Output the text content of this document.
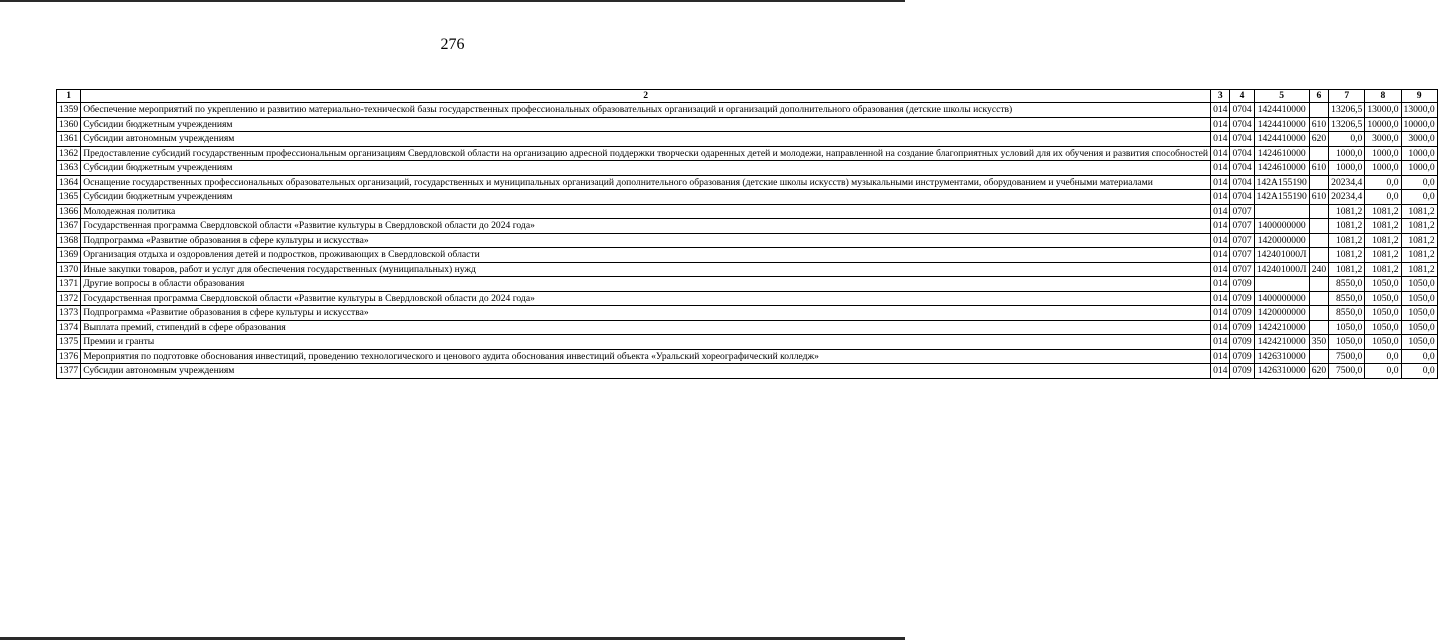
276
1	2	3	4	5	6	7	8	9
1359	Обеспечение мероприятий по укреплению и развитию материально-технической базы государственных профессиональных образовательных организаций и организаций дополнительного образования (детские школы искусств)	014	0704	1424410000		13206,5	13000,0	13000,0
1360	Субсидии бюджетным учреждениям	014	0704	1424410000	610	13206,5	10000,0	10000,0
1361	Субсидии автономным учреждениям	014	0704	1424410000	620	0,0	3000,0	3000,0
1362	Предоставление субсидий государственным профессиональным организациям Свердловской области на организацию адресной поддержки творчески одаренных детей и молодежи, направленной на создание благоприятных условий для их обучения и развития способностей	014	0704	1424610000		1000,0	1000,0	1000,0
1363	Субсидии бюджетным учреждениям	014	0704	1424610000	610	1000,0	1000,0	1000,0
1364	Оснащение государственных профессиональных образовательных организаций, государственных и муниципальных организаций дополнительного образования (детские школы искусств) музыкальными инструментами, оборудованием и учебными материалами	014	0704	142A155190		20234,4	0,0	0,0
1365	Субсидии бюджетным учреждениям	014	0704	142A155190	610	20234,4	0,0	0,0
1366	Молодежная политика	014	0707			1081,2	1081,2	1081,2
1367	Государственная программа Свердловской области «Развитие культуры в Свердловской области до 2024 года»	014	0707	1400000000		1081,2	1081,2	1081,2
1368	Подпрограмма «Развитие образования в сфере культуры и искусства»	014	0707	1420000000		1081,2	1081,2	1081,2
1369	Организация отдыха и оздоровления детей и подростков, проживающих в Свердловской области	014	0707	142401000Л		1081,2	1081,2	1081,2
1370	Иные закупки товаров, работ и услуг для обеспечения государственных (муниципальных) нужд	014	0707	142401000Л	240	1081,2	1081,2	1081,2
1371	Другие вопросы в области образования	014	0709			8550,0	1050,0	1050,0
1372	Государственная программа Свердловской области «Развитие культуры в Свердловской области до 2024 года»	014	0709	1400000000		8550,0	1050,0	1050,0
1373	Подпрограмма «Развитие образования в сфере культуры и искусства»	014	0709	1420000000		8550,0	1050,0	1050,0
1374	Выплата премий, стипендий в сфере образования	014	0709	1424210000		1050,0	1050,0	1050,0
1375	Премии и гранты	014	0709	1424210000	350	1050,0	1050,0	1050,0
1376	Мероприятия по подготовке обоснования инвестиций, проведению технологического и ценового аудита обоснования инвестиций объекта «Уральский хореографический колледж»	014	0709	1426310000		7500,0	0,0	0,0
1377	Субсидии автономным учреждениям	014	0709	1426310000	620	7500,0	0,0	0,0
